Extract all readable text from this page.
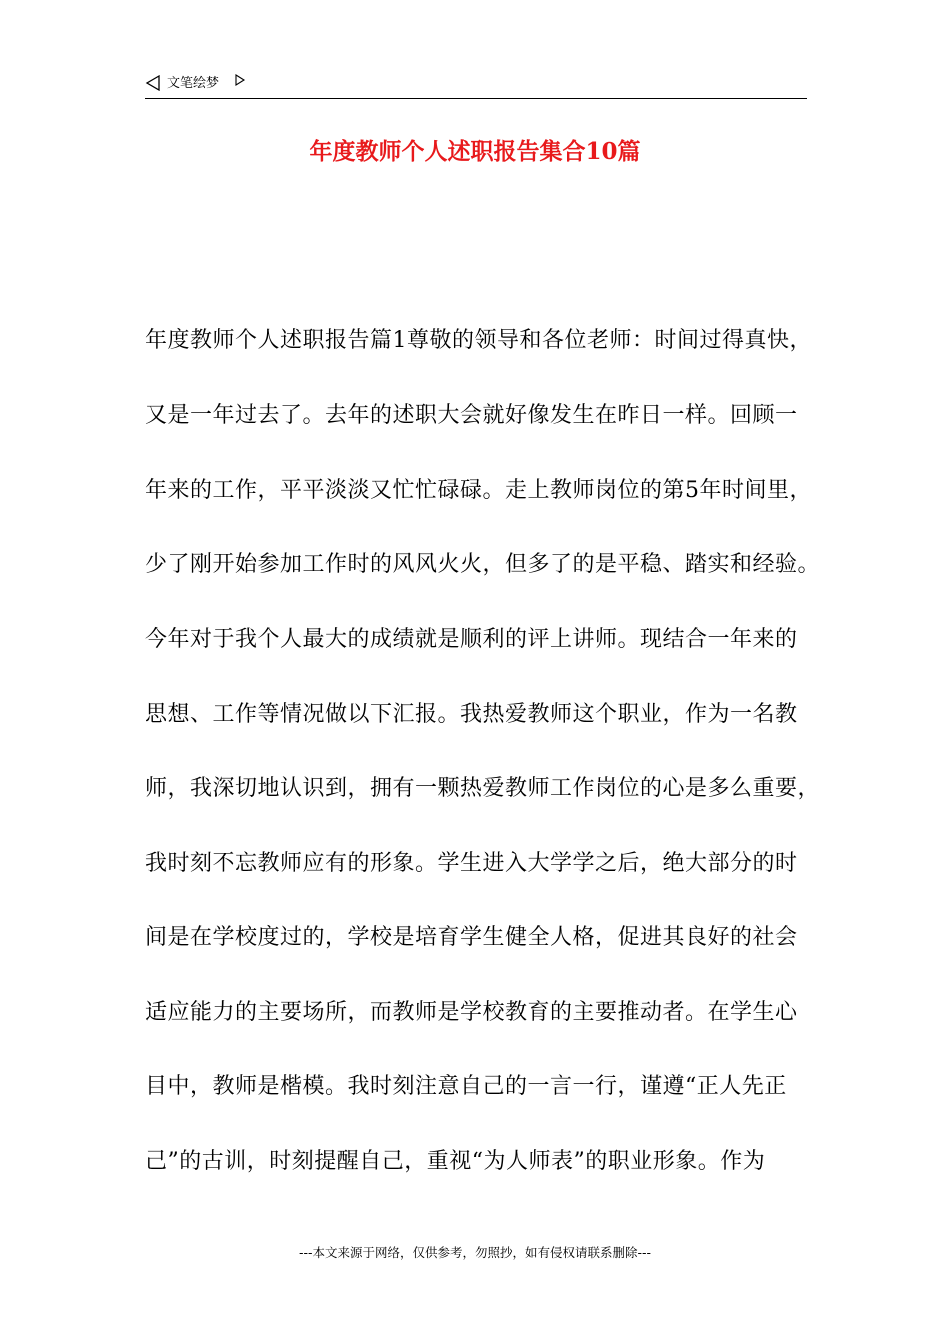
文笔绘梦
年度教师个人述职报告集合10篇
年度教师个人述职报告篇1尊敬的领导和各位老师：时间过得真快，
又是一年过去了。去年的述职大会就好像发生在昨日一样。回顾一
年来的工作，平平淡淡又忙忙碌碌。走上教师岗位的第5年时间里，
少了刚开始参加工作时的风风火火，但多了的是平稳、踏实和经验。
今年对于我个人最大的成绩就是顺利的评上讲师。现结合一年来的
思想、工作等情况做以下汇报。我热爱教师这个职业，作为一名教
师，我深切地认识到，拥有一颗热爱教师工作岗位的心是多么重要，
我时刻不忘教师应有的形象。学生进入大学学之后，绝大部分的时
间是在学校度过的，学校是培育学生健全人格，促进其良好的社会
适应能力的主要场所，而教师是学校教育的主要推动者。在学生心
目中，教师是楷模。我时刻注意自己的一言一行，谨遵“正人先正
己”的古训，时刻提醒自己，重视“为人师表”的职业形象。作为
---本文来源于网络，仅供参考，勿照抄，如有侵权请联系删除---
